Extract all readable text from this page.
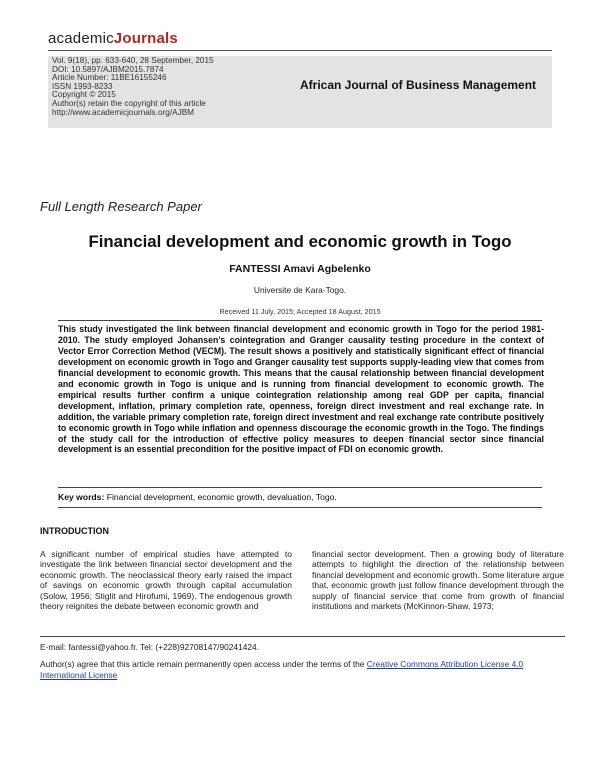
academicJournals
Vol. 9(18), pp. 633-640, 28 September, 2015
DOI: 10.5897/AJBM2015.7874
Article Number: 11BE16155246
ISSN 1993-8233
Copyright © 2015
Author(s) retain the copyright of this article
http://www.academicjournals.org/AJBM
African Journal of Business Management
Full Length Research Paper
Financial development and economic growth in Togo
FANTESSI Amavi Agbelenko
Universite de Kara-Togo.
Received 11 July, 2015; Accepted 18 August, 2015
This study investigated the link between financial development and economic growth in Togo for the period 1981-2010. The study employed Johansen’s cointegration and Granger causality testing procedure in the context of Vector Error Correction Method (VECM). The result shows a positively and statistically significant effect of financial development on economic growth in Togo and Granger causality test supports supply-leading view that comes from financial development to economic growth. This means that the causal relationship between financial development and economic growth in Togo is unique and is running from financial development to economic growth. The empirical results further confirm a unique cointegration relationship among real GDP per capita, financial development, inflation, primary completion rate, openness, foreign direct investment and real exchange rate. In addition, the variable primary completion rate, foreign direct investment and real exchange rate contribute positively to economic growth in Togo while inflation and openness discourage the economic growth in the Togo. The findings of the study call for the introduction of effective policy measures to deepen financial sector since financial development is an essential precondition for the positive impact of FDI on economic growth.
Key words: Financial development, economic growth, devaluation, Togo.
INTRODUCTION
A significant number of empirical studies have attempted to investigate the link between financial sector development and the economic growth. The neoclassical theory early raised the impact of savings on economic growth through capital accumulation (Solow, 1956; Stiglit and Hirofumi, 1969). The endogenous growth theory reignites the debate between economic growth and
financial sector development. Then a growing body of literature attempts to highlight the direction of the relationship between financial development and economic growth. Some literature argue that, economic growth just follow finance development through the supply of financial service that come from growth of financial institutions and markets (McKinnon-Shaw, 1973;
E-mail: fantessi@yahoo.fr. Tel: (+228)92708147/90241424.
Author(s) agree that this article remain permanently open access under the terms of the Creative Commons Attribution License 4.0 International License
